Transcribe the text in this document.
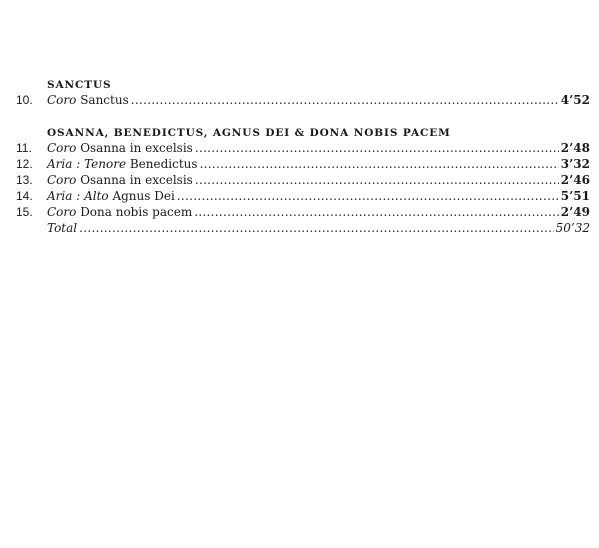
SANCTUS
10.	Coro Sanctus .....	4’52
OSANNA, BENEDICTUS, AGNUS DEI & DONA NOBIS PACEM
11.	Coro Osanna in excelsis .....	2’48
12.	Aria : Tenore Benedictus .....	3’32
13.	Coro Osanna in excelsis .....	2’46
14.	Aria : Alto Agnus Dei .....	5’51
15.	Coro Dona nobis pacem .....	2’49
Total .....	50’32
